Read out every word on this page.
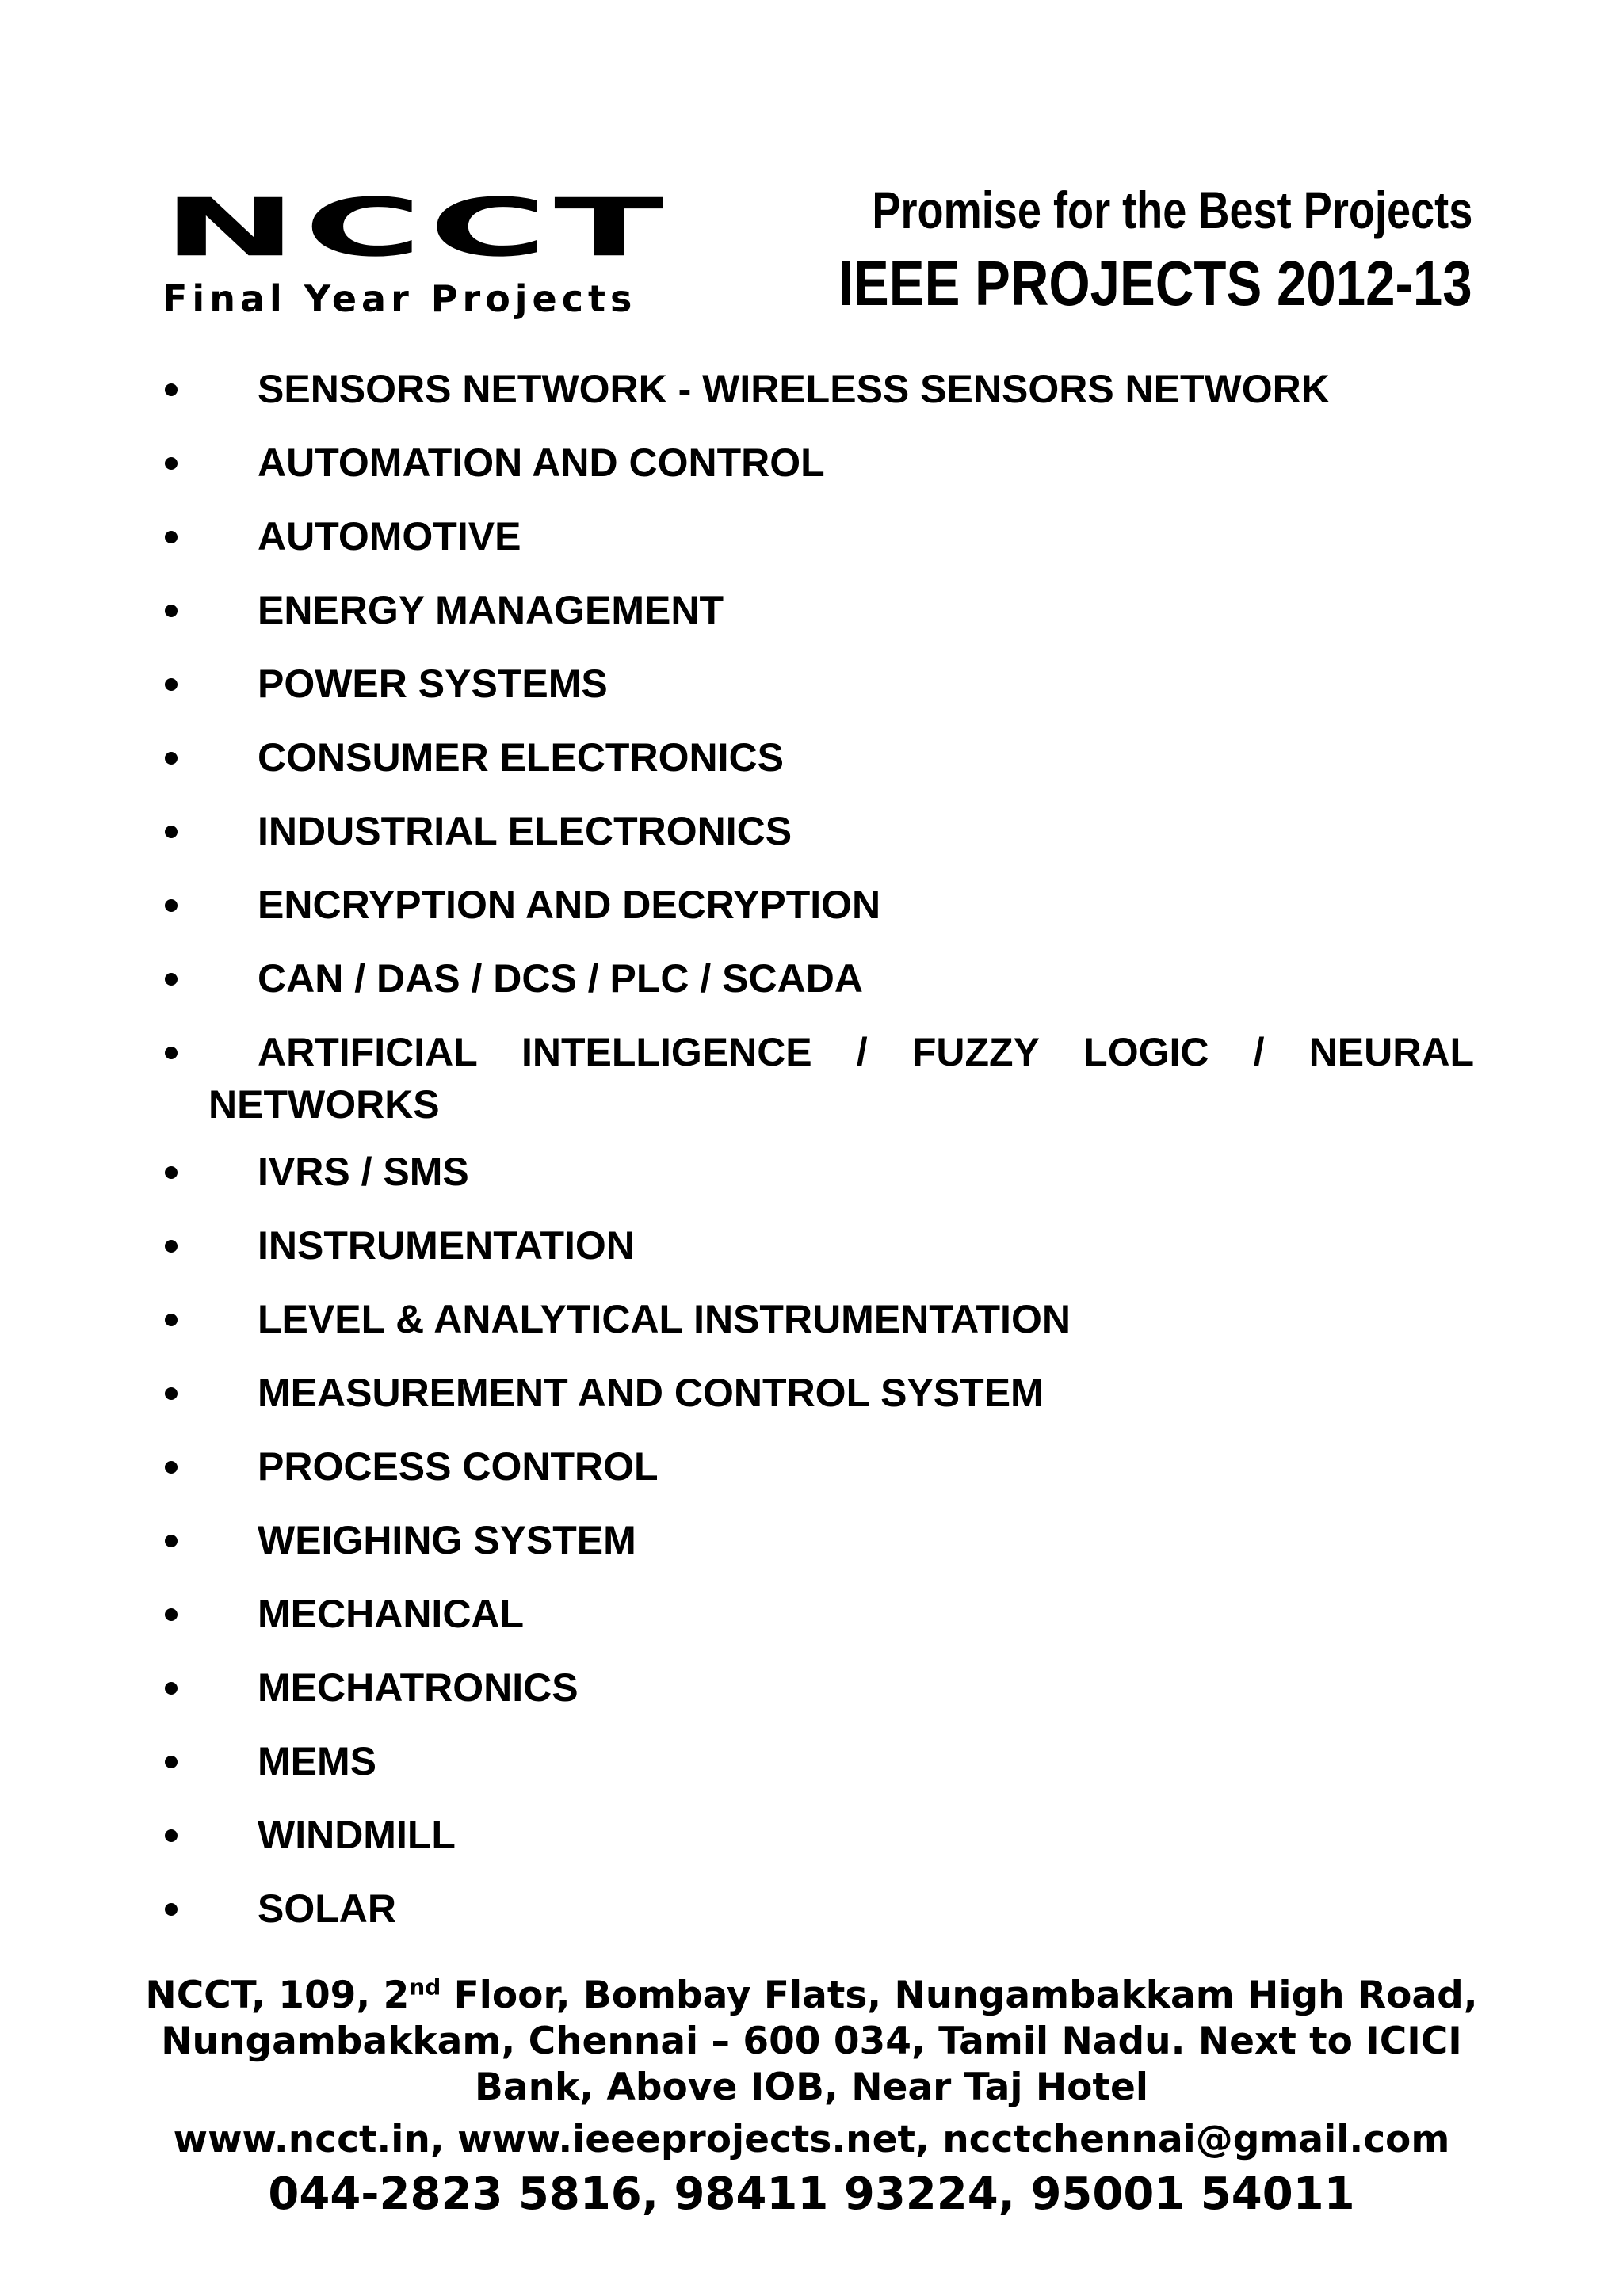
NCCT
Final Year Projects
Promise for the Best Projects
IEEE PROJECTS 2012-13
SENSORS NETWORK - WIRELESS SENSORS NETWORK
AUTOMATION AND CONTROL
AUTOMOTIVE
ENERGY MANAGEMENT
POWER SYSTEMS
CONSUMER ELECTRONICS
INDUSTRIAL ELECTRONICS
ENCRYPTION AND DECRYPTION
CAN / DAS / DCS / PLC / SCADA
ARTIFICIAL INTELLIGENCE / FUZZY LOGIC / NEURAL NETWORKS
IVRS / SMS
INSTRUMENTATION
LEVEL & ANALYTICAL INSTRUMENTATION
MEASUREMENT AND CONTROL SYSTEM
PROCESS CONTROL
WEIGHING SYSTEM
MECHANICAL
MECHATRONICS
MEMS
WINDMILL
SOLAR
NCCT, 109, 2nd Floor, Bombay Flats, Nungambakkam High Road, Nungambakkam, Chennai – 600 034, Tamil Nadu. Next to ICICI Bank, Above IOB, Near Taj Hotel
www.ncct.in, www.ieeeprojects.net, ncctchennai@gmail.com
044-2823 5816, 98411 93224, 95001 54011
